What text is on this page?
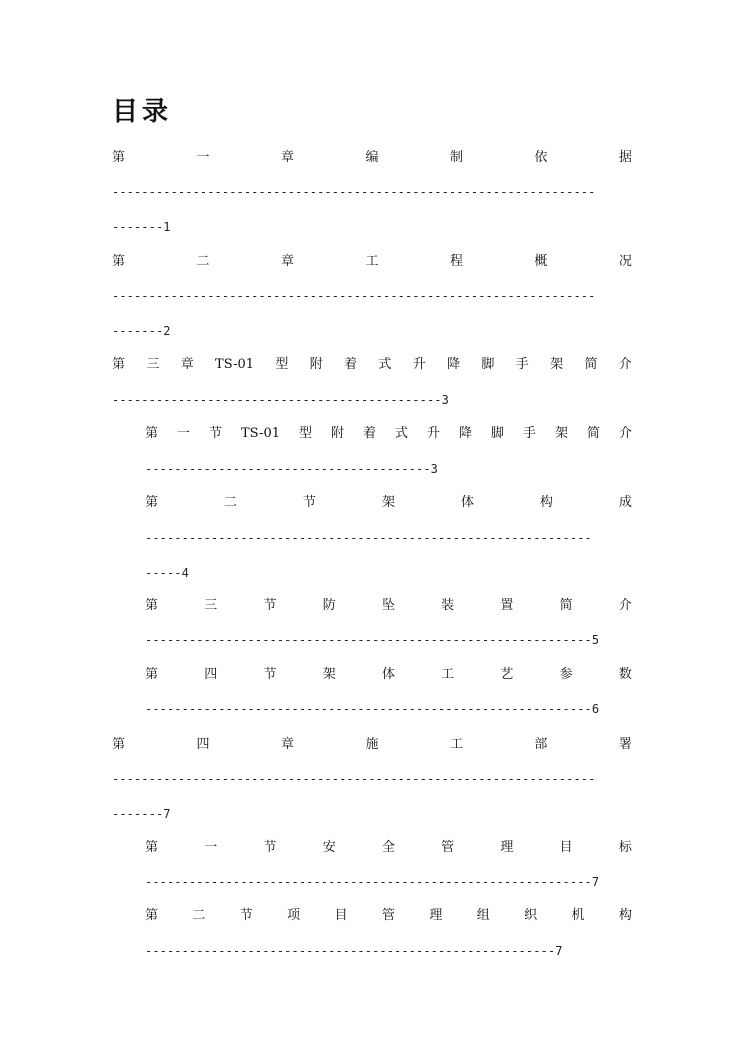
目录
第	一	章	编	制	依	据
------------------------------------------------------------------
-------1
第	二	章	工	程	概	况
------------------------------------------------------------------
-------2
第 三 章 TS-01 型 附 着 式 升 降 脚 手 架 简 介
---------------------------------------------3
第 一 节 TS-01 型 附 着 式 升 降 脚 手 架 简 介
---------------------------------------3
第	二	节	架	体	构	成
-------------------------------------------------------------
-----4
第	三	节	防	坠	装	置	简	介
-------------------------------------------------------------5
第	四	节	架	体	工	艺	参	数
-------------------------------------------------------------6
第	四	章	施	工	部	署
------------------------------------------------------------------
-------7
第	一	节	安	全	管	理	目	标
-------------------------------------------------------------7
第	二	节	项	目	管	理	组	织	机	构
--------------------------------------------------------7
